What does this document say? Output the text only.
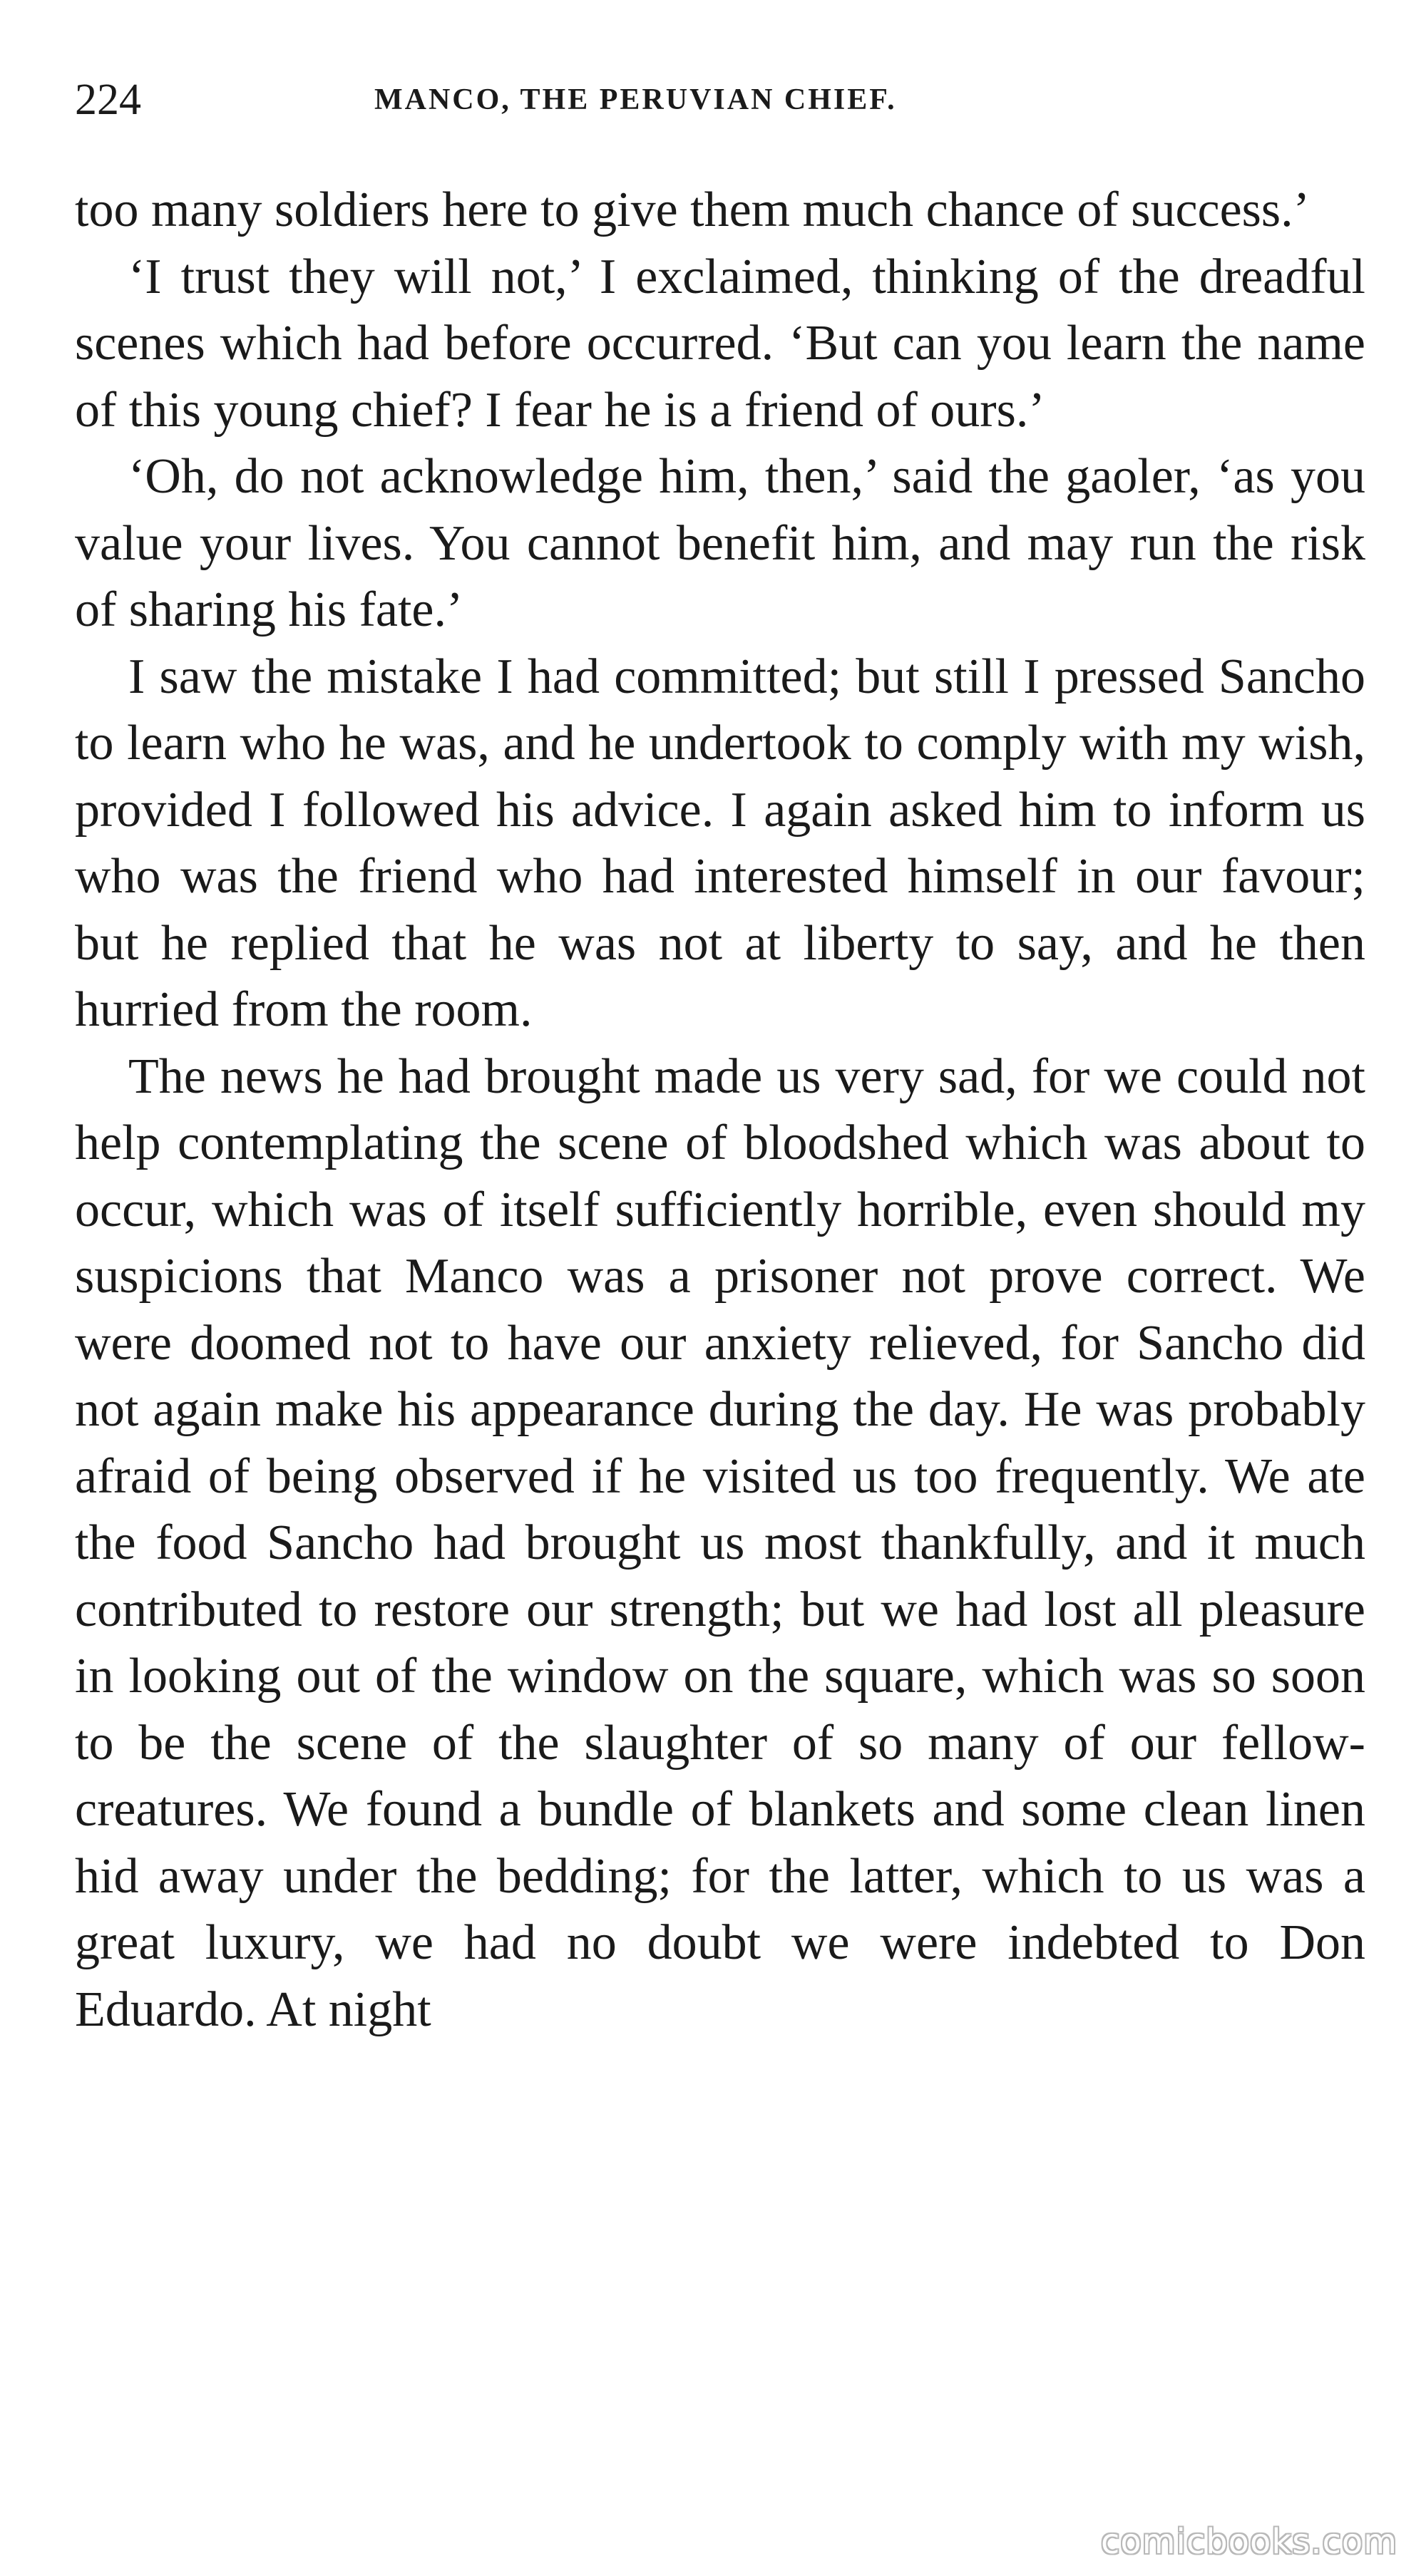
224	MANCO, THE PERUVIAN CHIEF.

too many soldiers here to give them much chance of success.’

‘I trust they will not,’ I exclaimed, thinking of the dreadful scenes which had before occurred. ‘But can you learn the name of this young chief? I fear he is a friend of ours.’

‘Oh, do not acknowledge him, then,’ said the gaoler, ‘as you value your lives. You cannot benefit him, and may run the risk of sharing his fate.’

I saw the mistake I had committed; but still I pressed Sancho to learn who he was, and he undertook to comply with my wish, provided I followed his advice. I again asked him to inform us who was the friend who had interested himself in our favour; but he replied that he was not at liberty to say, and he then hurried from the room.

The news he had brought made us very sad, for we could not help contemplating the scene of bloodshed which was about to occur, which was of itself sufficiently horrible, even should my suspicions that Manco was a prisoner not prove correct. We were doomed not to have our anxiety relieved, for Sancho did not again make his appearance during the day. He was probably afraid of being observed if he visited us too frequently. We ate the food Sancho had brought us most thankfully, and it much contributed to restore our strength; but we had lost all pleasure in looking out of the window on the square, which was so soon to be the scene of the slaughter of so many of our fellow-creatures. We found a bundle of blankets and some clean linen hid away under the bedding; for the latter, which to us was a great luxury, we had no doubt we were indebted to Don Eduardo. At night

comicbooks.com
